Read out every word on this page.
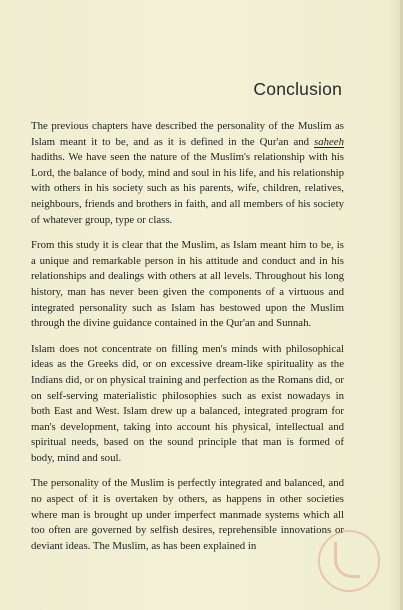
Conclusion

The previous chapters have described the personality of the Muslim as Islam meant it to be, and as it is defined in the Qur'an and saheeh hadiths. We have seen the nature of the Muslim's relationship with his Lord, the balance of body, mind and soul in his life, and his relationship with others in his society such as his parents, wife, children, relatives, neighbours, friends and brothers in faith, and all members of his society of whatever group, type or class.

From this study it is clear that the Muslim, as Islam meant him to be, is a unique and remarkable person in his attitude and conduct and in his relationships and dealings with others at all levels. Throughout his long history, man has never been given the components of a virtuous and integrated personality such as Islam has bestowed upon the Muslim through the divine guidance contained in the Qur'an and Sunnah.

Islam does not concentrate on filling men's minds with philosophical ideas as the Greeks did, or on excessive dream-like spirituality as the Indians did, or on physical training and perfection as the Romans did, or on self-serving materialistic philosophies such as exist nowadays in both East and West. Islam drew up a balanced, integrated program for man's development, taking into account his physical, intellectual and spiritual needs, based on the sound principle that man is formed of body, mind and soul.

The personality of the Muslim is perfectly integrated and balanced, and no aspect of it is overtaken by others, as happens in other societies where man is brought up under imperfect manmade systems which all too often are governed by selfish desires, reprehensible innovations or deviant ideas. The Muslim, as has been explained in
